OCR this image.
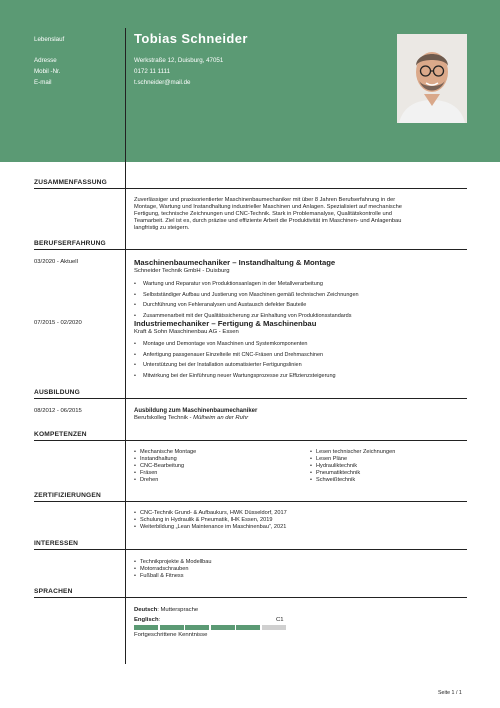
Lebenslauf	Tobias Schneider
Adresse	Werkstraße 12, Duisburg, 47051
Mobil -Nr.	0172 11 1111
E-mail	t.schneider@mail.de
ZUSAMMENFASSUNG
Zuverlässiger und praxisorientierter Maschinenbaumechaniker mit über 8 Jahren Berufserfahrung in der
Montage, Wartung und Instandhaltung industrieller Maschinen und Anlagen. Spezialisiert auf mechanische
Fertigung, technische Zeichnungen und CNC-Technik. Stark in Problemanalyse, Qualitätskontrolle und
Teamarbeit. Ziel ist es, durch präzise und effiziente Arbeit die Produktivität im Maschinen- und Anlagenbau
langfristig zu steigern.
BERUFSERFAHRUNG
03/2020 - Aktuell	Maschinenbaumechaniker – Instandhaltung & Montage
Schneider Technik GmbH - Duisburg
• Wartung und Reparatur von Produktionsanlagen in der Metallverarbeitung
• Selbstständiger Aufbau und Justierung von Maschinen gemäß technischen Zeichnungen
• Durchführung von Fehleranalysen und Austausch defekter Bauteile
• Zusammenarbeit mit der Qualitätssicherung zur Einhaltung von Produktionsstandards
07/2015 - 02/2020	Industriemechaniker – Fertigung & Maschinenbau
Kraft & Sohn Maschinenbau AG - Essen
• Montage und Demontage von Maschinen und Systemkomponenten
• Anfertigung passgenauer Einzelteile mit CNC-Fräsen und Drehmaschinen
• Unterstützung bei der Installation automatisierter Fertigungslinien
• Mitwirkung bei der Einführung neuer Wartungsprozesse zur Effizienzsteigerung
AUSBILDUNG
08/2012 - 06/2015	Ausbildung zum Maschinenbaumechaniker
Berufskolleg Technik - Mülheim an der Ruhr
KOMPETENZEN
• Mechanische Montage
• Instandhaltung
• CNC-Bearbeitung
• Fräsen
• Drehen
• Lesen technischer Zeichnungen
• Lesen Pläne
• Hydrauliktechnik
• Pneumatiktechnik
• Schweißtechnik
ZERTIFIZIERUNGEN
• CNC-Technik Grund- & Aufbaukurs, HWK Düsseldorf, 2017
• Schulung in Hydraulik & Pneumatik, IHK Essen, 2019
• Weiterbildung „Lean Maintenance im Maschinenbau“, 2021
INTERESSEN
• Technikprojekte & Modellbau
• Motorradschrauben
• Fußball & Fitness
SPRACHEN
Deutsch: Muttersprache
Englisch:	C1
Fortgeschrittene Kenntnisse
Seite 1 / 1
